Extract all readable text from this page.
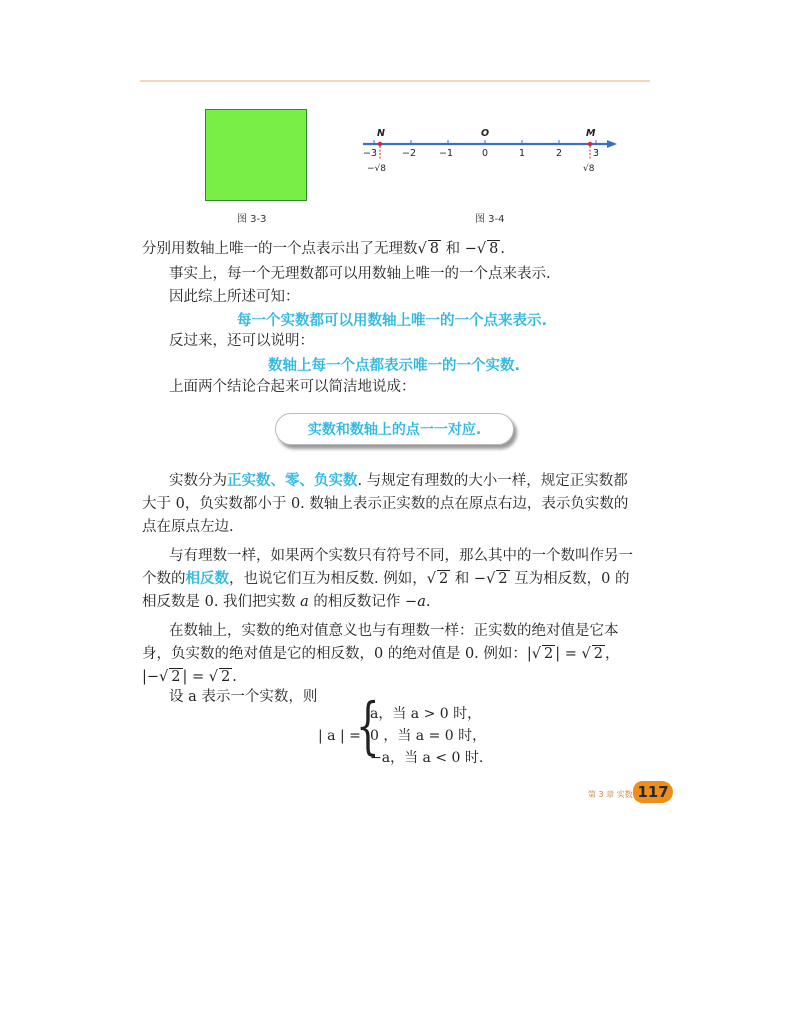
图 3-3
N	O	M
−3	−2 −1	0	1	2	3
−√8	√8
图 3-4
分别用数轴上唯一的一个点表示出了无理数√ 8 和 −√ 8 .
事实上，每一个无理数都可以用数轴上唯一的一个点来表示.
因此综上所述可知：
每一个实数都可以用数轴上唯一的一个点来表示.
反过来，还可以说明：
数轴上每一个点都表示唯一的一个实数.
上面两个结论合起来可以简洁地说成：
实数和数轴上的点一一对应.
实数分为正实数、零、负实数. 与规定有理数的大小一样，规定正实数都
大于 0，负实数都小于 0. 数轴上表示正实数的点在原点右边，表示负实数的
点在原点左边.
与有理数一样，如果两个实数只有符号不同，那么其中的一个数叫作另一
个数的相反数，也说它们互为相反数. 例如，√ 2 和 −√ 2 互为相反数，0 的
相反数是 0. 我们把实数 a 的相反数记作 −a.
在数轴上，实数的绝对值意义也与有理数一样：正实数的绝对值是它本
身，负实数的绝对值是它的相反数，0 的绝对值是 0. 例如：|√ 2 | = √ 2 ，
|−√ 2 | = √ 2 .
设 a 表示一个实数，则
| a | =
{
a，当 a > 0 时，
0 ，当 a = 0 时，
−a，当 a < 0 时.
第 3 章 实数 117
